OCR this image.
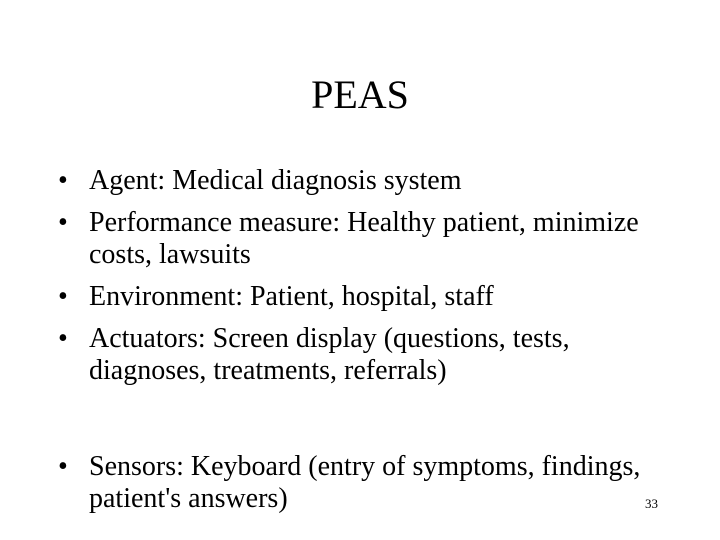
PEAS
• Agent: Medical diagnosis system
• Performance measure: Healthy patient, minimize costs, lawsuits
• Environment: Patient, hospital, staff
• Actuators: Screen display (questions, tests, diagnoses, treatments, referrals)
• Sensors: Keyboard (entry of symptoms, findings, patient's answers)	33
